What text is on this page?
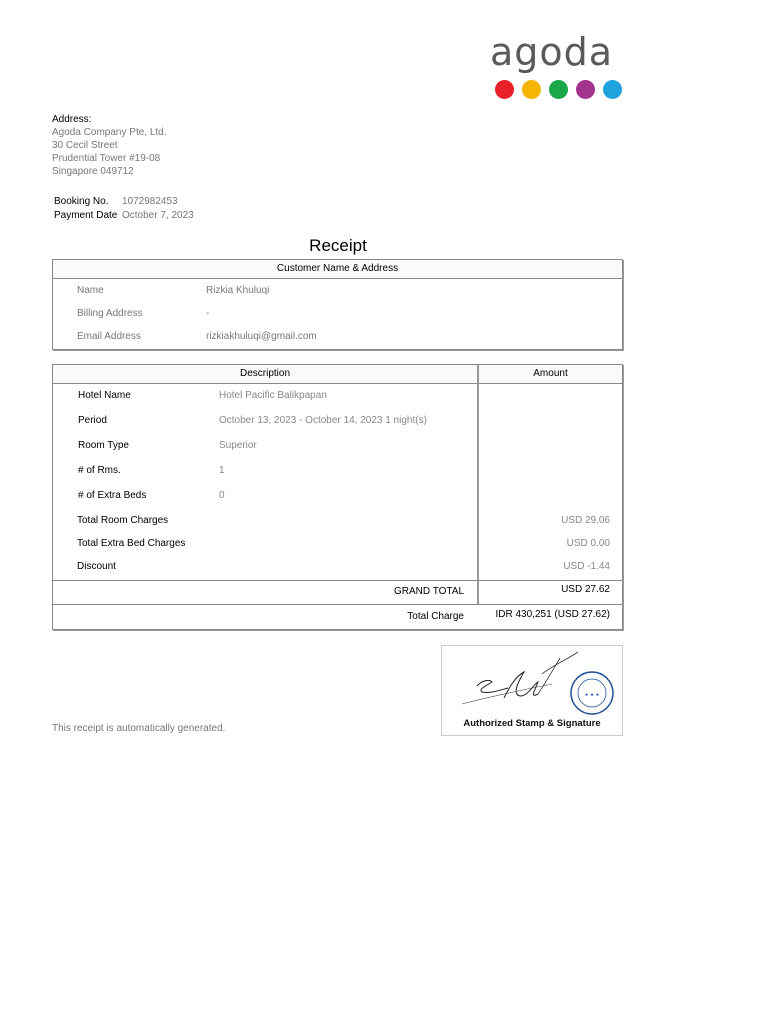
agoda
Address:
Agoda Company Pte, Ltd.
30 Cecil Street
Prudential Tower #19-08
Singapore 049712
Booking No. 1072982453
Payment Date October 7, 2023
Receipt
Customer Name & Address
Name	Rizkia Khuluqi
Billing Address	-
Email Address	rizkiakhuluqi@gmail.com
Description	Amount
Hotel Name	Hotel Pacific Balikpapan
Period	October 13, 2023 - October 14, 2023 1 night(s)
Room Type	Superior
# of Rms.	1
# of Extra Beds	0
Total Room Charges	USD 29.06
Total Extra Bed Charges	USD 0.00
Discount	USD -1.44
GRAND TOTAL	USD 27.62
Total Charge	IDR 430,251 (USD 27.62)
★ ★ ★
Authorized Stamp & Signature
This receipt is automatically generated.
